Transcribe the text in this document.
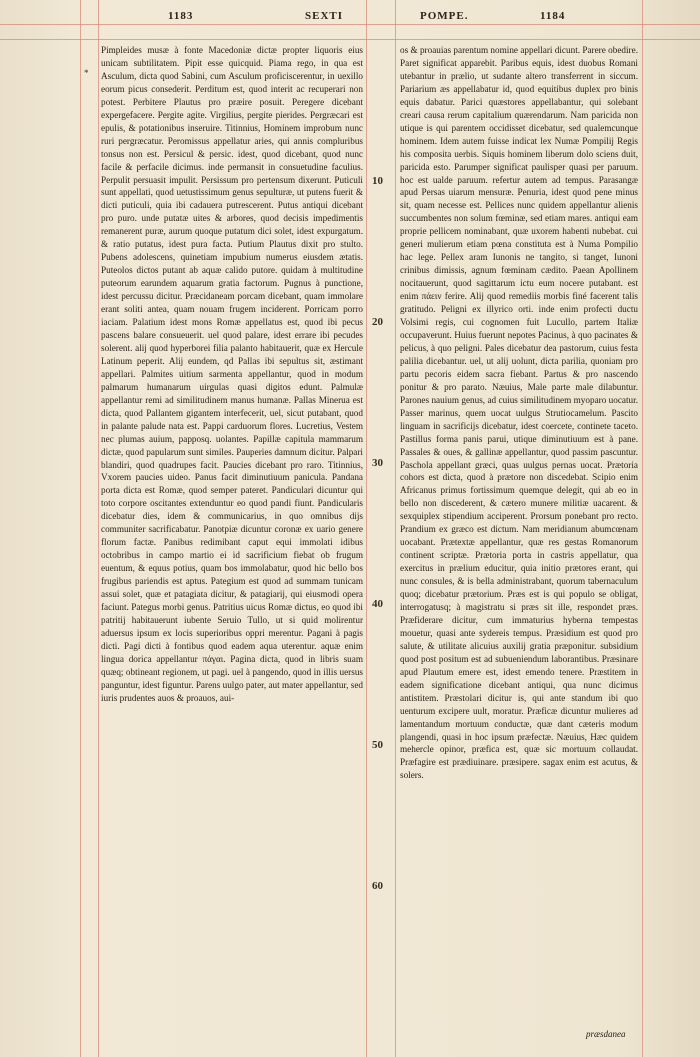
1183	SEXTI	POMPE.	1184
*

Pimpleides musæ à fonte Macedoniæ dictæ propter liquoris eius unicam subtilitatem. Pipit esse quicquid. Piama rego, in qua est Asculum, dicta quod Sabini, cum Asculum proficiscerentur, in uexillo eorum picus consederit. Perditum est, quod interit ac recuperari non potest. Perbitere Plautus pro præire posuit. Peregere dicebant expergefacere. Pergite agite. Virgilius, pergite pierides. Pergræcari est epulis, & potationibus inseruire. Titinnius, Hominem improbum nunc ruri pergræcatur. Peromissus appellatur aries, qui annis compluribus tonsus non est. Persicul & persic. idest, quod dicebant, quod nunc facile & perfacile dicimus. inde permansit in consuetudine faculius. Perpulit persuasit impulit. Persissum pro pertensum dixerunt. Puticuli sunt appellati, quod uetustissimum genus sepulturæ, ut putens fuerit & dicti puticuli, quia ibi cadauera putrescerent. Putus antiqui dicebant pro puro. unde putatæ uites & arbores, quod decisis impedimentis remanerent puræ, aurum quoque putatum dici solet, idest expurgatum. & ratio putatus, idest pura facta. Putium Plautus dixit pro stulto. Pubens adolescens, quinetiam impubium numerus eiusdem ætatis. Puteolos dictos putant ab aquæ calido putore. quidam à multitudine puteorum earundem aquarum gratia factorum. Pugnus à punctione, idest percussu dicitur. Præcidaneam porcam dicebant, quam immolare erant soliti antea, quam nouam frugem inciderent. Porricam porro iaciam. Palatium idest mons Romæ appellatus est, quod ibi pecus pascens balare consueuerit. uel quod palare, idest errare ibi pecudes solerent. alij quod hyperborei filia palanto habitauerit, quæ ex Hercule Latinum peperit. Alij eundem, qd Pallas ibi sepultus sit, æstimant appellari. Palmites uitium sarmenta appellantur, quod in modum palmarum humanarum uirgulas quasi digitos edunt. Palmulæ appellantur remi ad similitudinem manus humanæ. Pallas Minerua est dicta, quod Pallantem gigantem interfecerit, uel, sicut putabant, quod in palante palude nata est. Pappi carduorum flores. Lucretius, Vestem nec plumas auium, papposq. uolantes. Papillæ capitula mammarum dictæ, quod papularum sunt similes. Pauperies damnum dicitur. Palpari blandiri, quod quadrupes facit. Paucies dicebant pro raro. Titinnius, Vxorem paucies uideo. Panus facit diminutiuum panicula. Pandana porta dicta est Romæ, quod semper pateret. Pandiculari dicuntur qui toto corpore oscitantes extenduntur eo quod pandi fiunt. Pandicularis dicebatur dies, idem & communicarius, in quo omnibus dijs communiter sacrificabatur. Panotpiæ dicuntur coronæ ex uario genere florum factæ. Panibus redimibant caput equi immolati idibus octobribus in campo martio ei id sacrificium fiebat ob frugum euentum, & equus potius, quam bos immolabatur, quod hic bello bos frugibus pariendis est aptus. Pategium est quod ad summam tunicam assui solet, quæ et patagiata dicitur, & patagiarij, qui eiusmodi opera faciunt. Pategus morbi genus. Patritius uicus Romæ dictus, eo quod ibi patritij habitauerunt iubente Seruio Tullo, ut si quid molirentur aduersus ipsum ex locis superioribus oppri merentur. Pagani à pagis dicti. Pagi dicti à fontibus quod eadem aqua uterentur. aquæ enim lingua dorica appellantur πάγαι. Pagina dicta, quod in libris suam quæq; obtineant regionem, ut pagi. uel à pangendo, quod in illis uersus panguntur, idest figuntur. Parens uulgo pater, aut mater appellantur, sed iuris prudentes auos & proauos, aui-

10
20
30
40
50
60

os & proauias parentum nomine appellari dicunt. Parere obedire. Paret significat apparebit. Paribus equis, idest duobus Romani utebantur in prælio, ut sudante altero transferrent in siccum. Pariarium æs appellabatur id, quod equitibus duplex pro binis equis dabatur. Parici quæstores appellabantur, qui solebant creari causa rerum capitalium quærendarum. Nam paricida non utique is qui parentem occidisset dicebatur, sed qualemcunque hominem. Idem autem fuisse indicat lex Numæ Pompilij Regis his composita uerbis. Siquis hominem liberum dolo sciens duit, paricida esto. Parumper significat paulisper quasi per paruum. hoc est ualde paruum. refertur autem ad tempus. Parasangæ apud Persas uiarum mensuræ. Penuria, idest quod pene minus sit, quam necesse est. Pellices nunc quidem appellantur alienis succumbentes non solum fœminæ, sed etiam mares. antiqui eam proprie pellicem nominabant, quæ uxorem habenti nubebat. cui generi mulierum etiam pœna constituta est à Numa Pompilio hac lege. Pellex aram Iunonis ne tangito, si tanget, Iunoni crinibus dimissis, agnum fœminam cædito. Paean Apollinem nocitauerunt, quod sagittarum ictu eum nocere putabant. est enim πάειν ferire. Alij quod remediis morbis finé facerent talis gratitudo. Peligni ex illyrico orti. inde enim profecti ductu Volsimi regis, cui cognomen fuit Lucullo, partem Italiæ occupaverunt. Huius fuerunt nepotes Pacinus, à quo pacinates & pelicus, à quo peligni. Pales dicebatur dea pastorum, cuius festa palilia dicebantur. uel, ut alij uolunt, dicta parilia, quoniam pro partu pecoris eidem sacra fiebant. Partus & pro nascendo ponitur & pro parato. Næuius, Male parte male dilabuntur. Parones nauium genus, ad cuius similitudinem myoparo uocatur. Passer marinus, quem uocat uulgus Strutiocamelum. Pascito linguam in sacrificijs dicebatur, idest coercete, continete taceto. Pastillus forma panis parui, utique diminutiuum est à pane. Passales & oues, & gallinæ appellantur, quod passim pascuntur. Paschola appellant græci, quas uulgus pernas uocat. Prætoria cohors est dicta, quod à prætore non discedebat. Scipio enim Africanus primus fortissimum quemque delegit, qui ab eo in bello non discederent, & cætero munere militiæ uacarent. & sexquiplex stipendium acciperent. Prorsum ponebant pro recto. Prandium ex græco est dictum. Nam meridianum abumcœnam uocabant. Prætextæ appellantur, quæ res gestas Romanorum continent scriptæ. Prætoria porta in castris appellatur, qua exercitus in prælium educitur, quia initio prætores erant, qui nunc consules, & is bella administrabant, quorum tabernaculum quoq; dicebatur prætorium. Præs est is qui populo se obligat, interrogatusq; à magistratu si præs sit ille, respondet præs. Præfiderare dicitur, cum immaturius hyberna tempestas mouetur, quasi ante sydereis tempus. Præsidium est quod pro salute, & utilitate alicuius auxilij gratia præponitur. subsidium quod post positum est ad subueniendum laborantibus. Præsinare apud Plautum emere est, idest emendo tenere. Præstitem in eadem significatione dicebant antiqui, qua nunc dicimus antistitem. Præstolari dicitur is, qui ante standum ibi quo uenturum excipere uult, moratur. Præficæ dicuntur mulieres ad lamentandum mortuum conductæ, quæ dant cæteris modum plangendi, quasi in hoc ipsum præfectæ. Næuius, Hæc quidem mehercle opinor, præfica est, quæ sic mortuum collaudat. Præfagire est prædiuinare. præsipere. sagax enim est acutus, & solers.

præsdanea
